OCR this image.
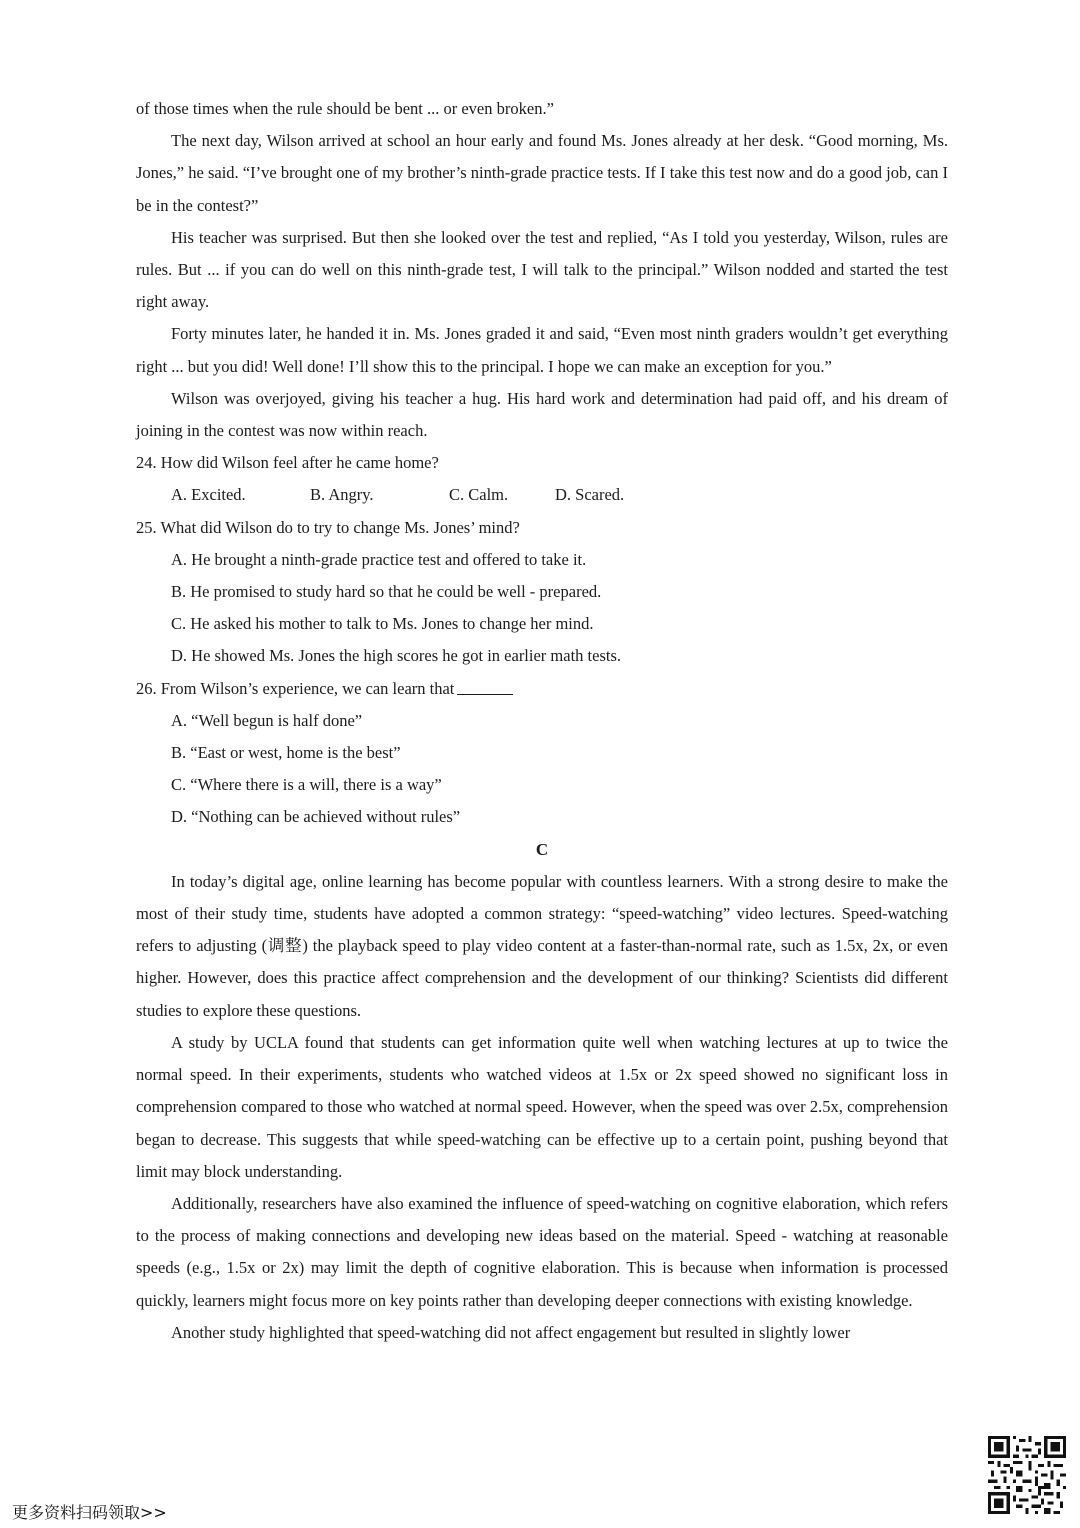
of those times when the rule should be bent ... or even broken.”

The next day, Wilson arrived at school an hour early and found Ms. Jones already at her desk. “Good morning, Ms. Jones,” he said. “I’ve brought one of my brother’s ninth-grade practice tests. If I take this test now and do a good job, can I be in the contest?”

His teacher was surprised. But then she looked over the test and replied, “As I told you yesterday, Wilson, rules are rules. But ... if you can do well on this ninth-grade test, I will talk to the principal.” Wilson nodded and started the test right away.

Forty minutes later, he handed it in. Ms. Jones graded it and said, “Even most ninth graders wouldn’t get everything right ... but you did! Well done! I’ll show this to the principal. I hope we can make an exception for you.”

Wilson was overjoyed, giving his teacher a hug. His hard work and determination had paid off, and his dream of joining in the contest was now within reach.

24. How did Wilson feel after he came home?

A. Excited.	B. Angry.	C. Calm.	D. Scared.

25. What did Wilson do to try to change Ms. Jones’ mind?

A. He brought a ninth-grade practice test and offered to take it.

B. He promised to study hard so that he could be well - prepared.

C. He asked his mother to talk to Ms. Jones to change her mind.

D. He showed Ms. Jones the high scores he got in earlier math tests.

26. From Wilson’s experience, we can learn that

A. “Well begun is half done”

B. “East or west, home is the best”

C. “Where there is a will, there is a way”

D. “Nothing can be achieved without rules”

C

In today’s digital age, online learning has become popular with countless learners. With a strong desire to make the most of their study time, students have adopted a common strategy: “speed-watching” video lectures. Speed-watching refers to adjusting (调整) the playback speed to play video content at a faster-than-normal rate, such as 1.5x, 2x, or even higher. However, does this practice affect comprehension and the development of our thinking? Scientists did different studies to explore these questions.

A study by UCLA found that students can get information quite well when watching lectures at up to twice the normal speed. In their experiments, students who watched videos at 1.5x or 2x speed showed no significant loss in comprehension compared to those who watched at normal speed. However, when the speed was over 2.5x, comprehension began to decrease. This suggests that while speed-watching can be effective up to a certain point, pushing beyond that limit may block understanding.

Additionally, researchers have also examined the influence of speed-watching on cognitive elaboration, which refers to the process of making connections and developing new ideas based on the material. Speed - watching at reasonable speeds (e.g., 1.5x or 2x) may limit the depth of cognitive elaboration. This is because when information is processed quickly, learners might focus more on key points rather than developing deeper connections with existing knowledge.

Another study highlighted that speed-watching did not affect engagement but resulted in slightly lower

更多资料扫码领取>>
